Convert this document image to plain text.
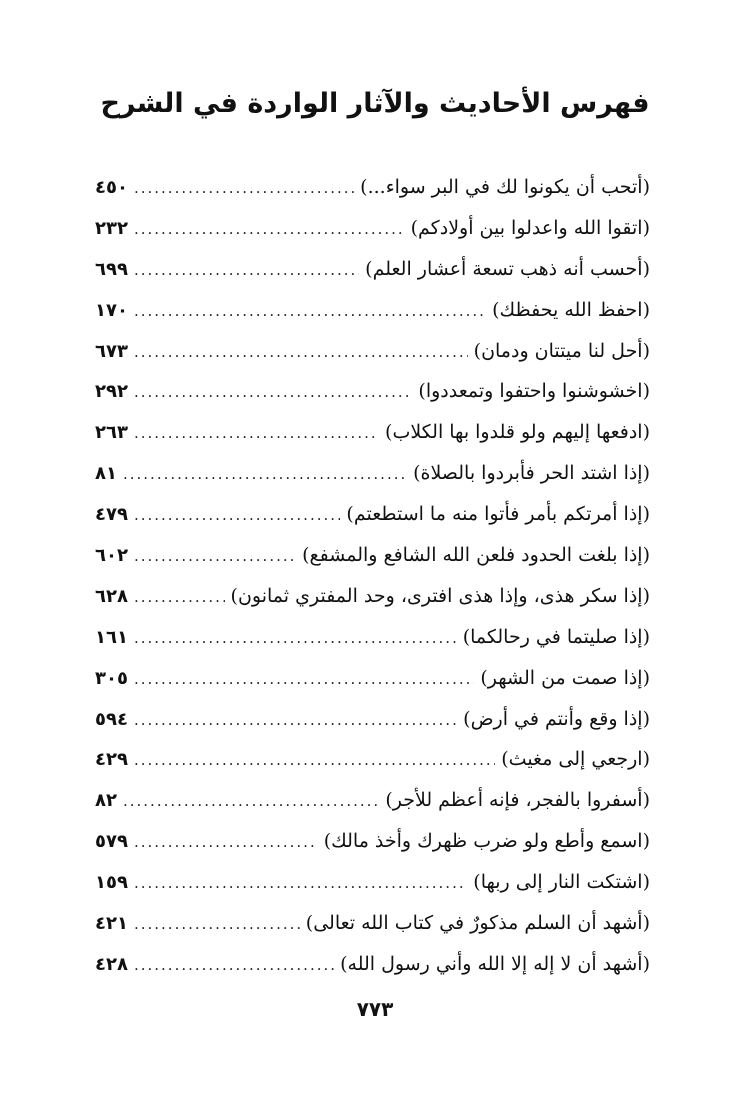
فهرس الأحاديث والآثار الواردة في الشرح
(أتحب أن يكونوا لك في البر سواء...)
.....
٤٥٠
(اتقوا الله واعدلوا بين أولادكم)
.....
٢٣٢
(أحسب أنه ذهب تسعة أعشار العلم)
.....
٦٩٩
(احفظ الله يحفظك)
.....
١٧٠
(أحل لنا ميتتان ودمان)
.....
٦٧٣
(اخشوشنوا واحتفوا وتمعددوا)
.....
٢٩٢
(ادفعها إليهم ولو قلدوا بها الكلاب)
.....
٢٦٣
(إذا اشتد الحر فأبردوا بالصلاة)
.....
٨١
(إذا أمرتكم بأمر فأتوا منه ما استطعتم)
.....
٤٧٩
(إذا بلغت الحدود فلعن الله الشافع والمشفع)
.....
٦٠٢
(إذا سكر هذى، وإذا هذى افترى، وحد المفتري ثمانون)
.....
٦٢٨
(إذا صليتما في رحالكما)
.....
١٦١
(إذا صمت من الشهر)
.....
٣٠٥
(إذا وقع وأنتم في أرض)
.....
٥٩٤
(ارجعي إلى مغيث)
.....
٤٢٩
(أسفروا بالفجر، فإنه أعظم للأجر)
.....
٨٢
(اسمع وأطع ولو ضرب ظهرك وأخذ مالك)
.....
٥٧٩
(اشتكت النار إلى ربها)
.....
١٥٩
(أشهد أن السلم مذكورٌ في كتاب الله تعالى)
.....
٤٢١
(أشهد أن لا إله إلا الله وأني رسول الله)
.....
٤٢٨
٧٧٣
